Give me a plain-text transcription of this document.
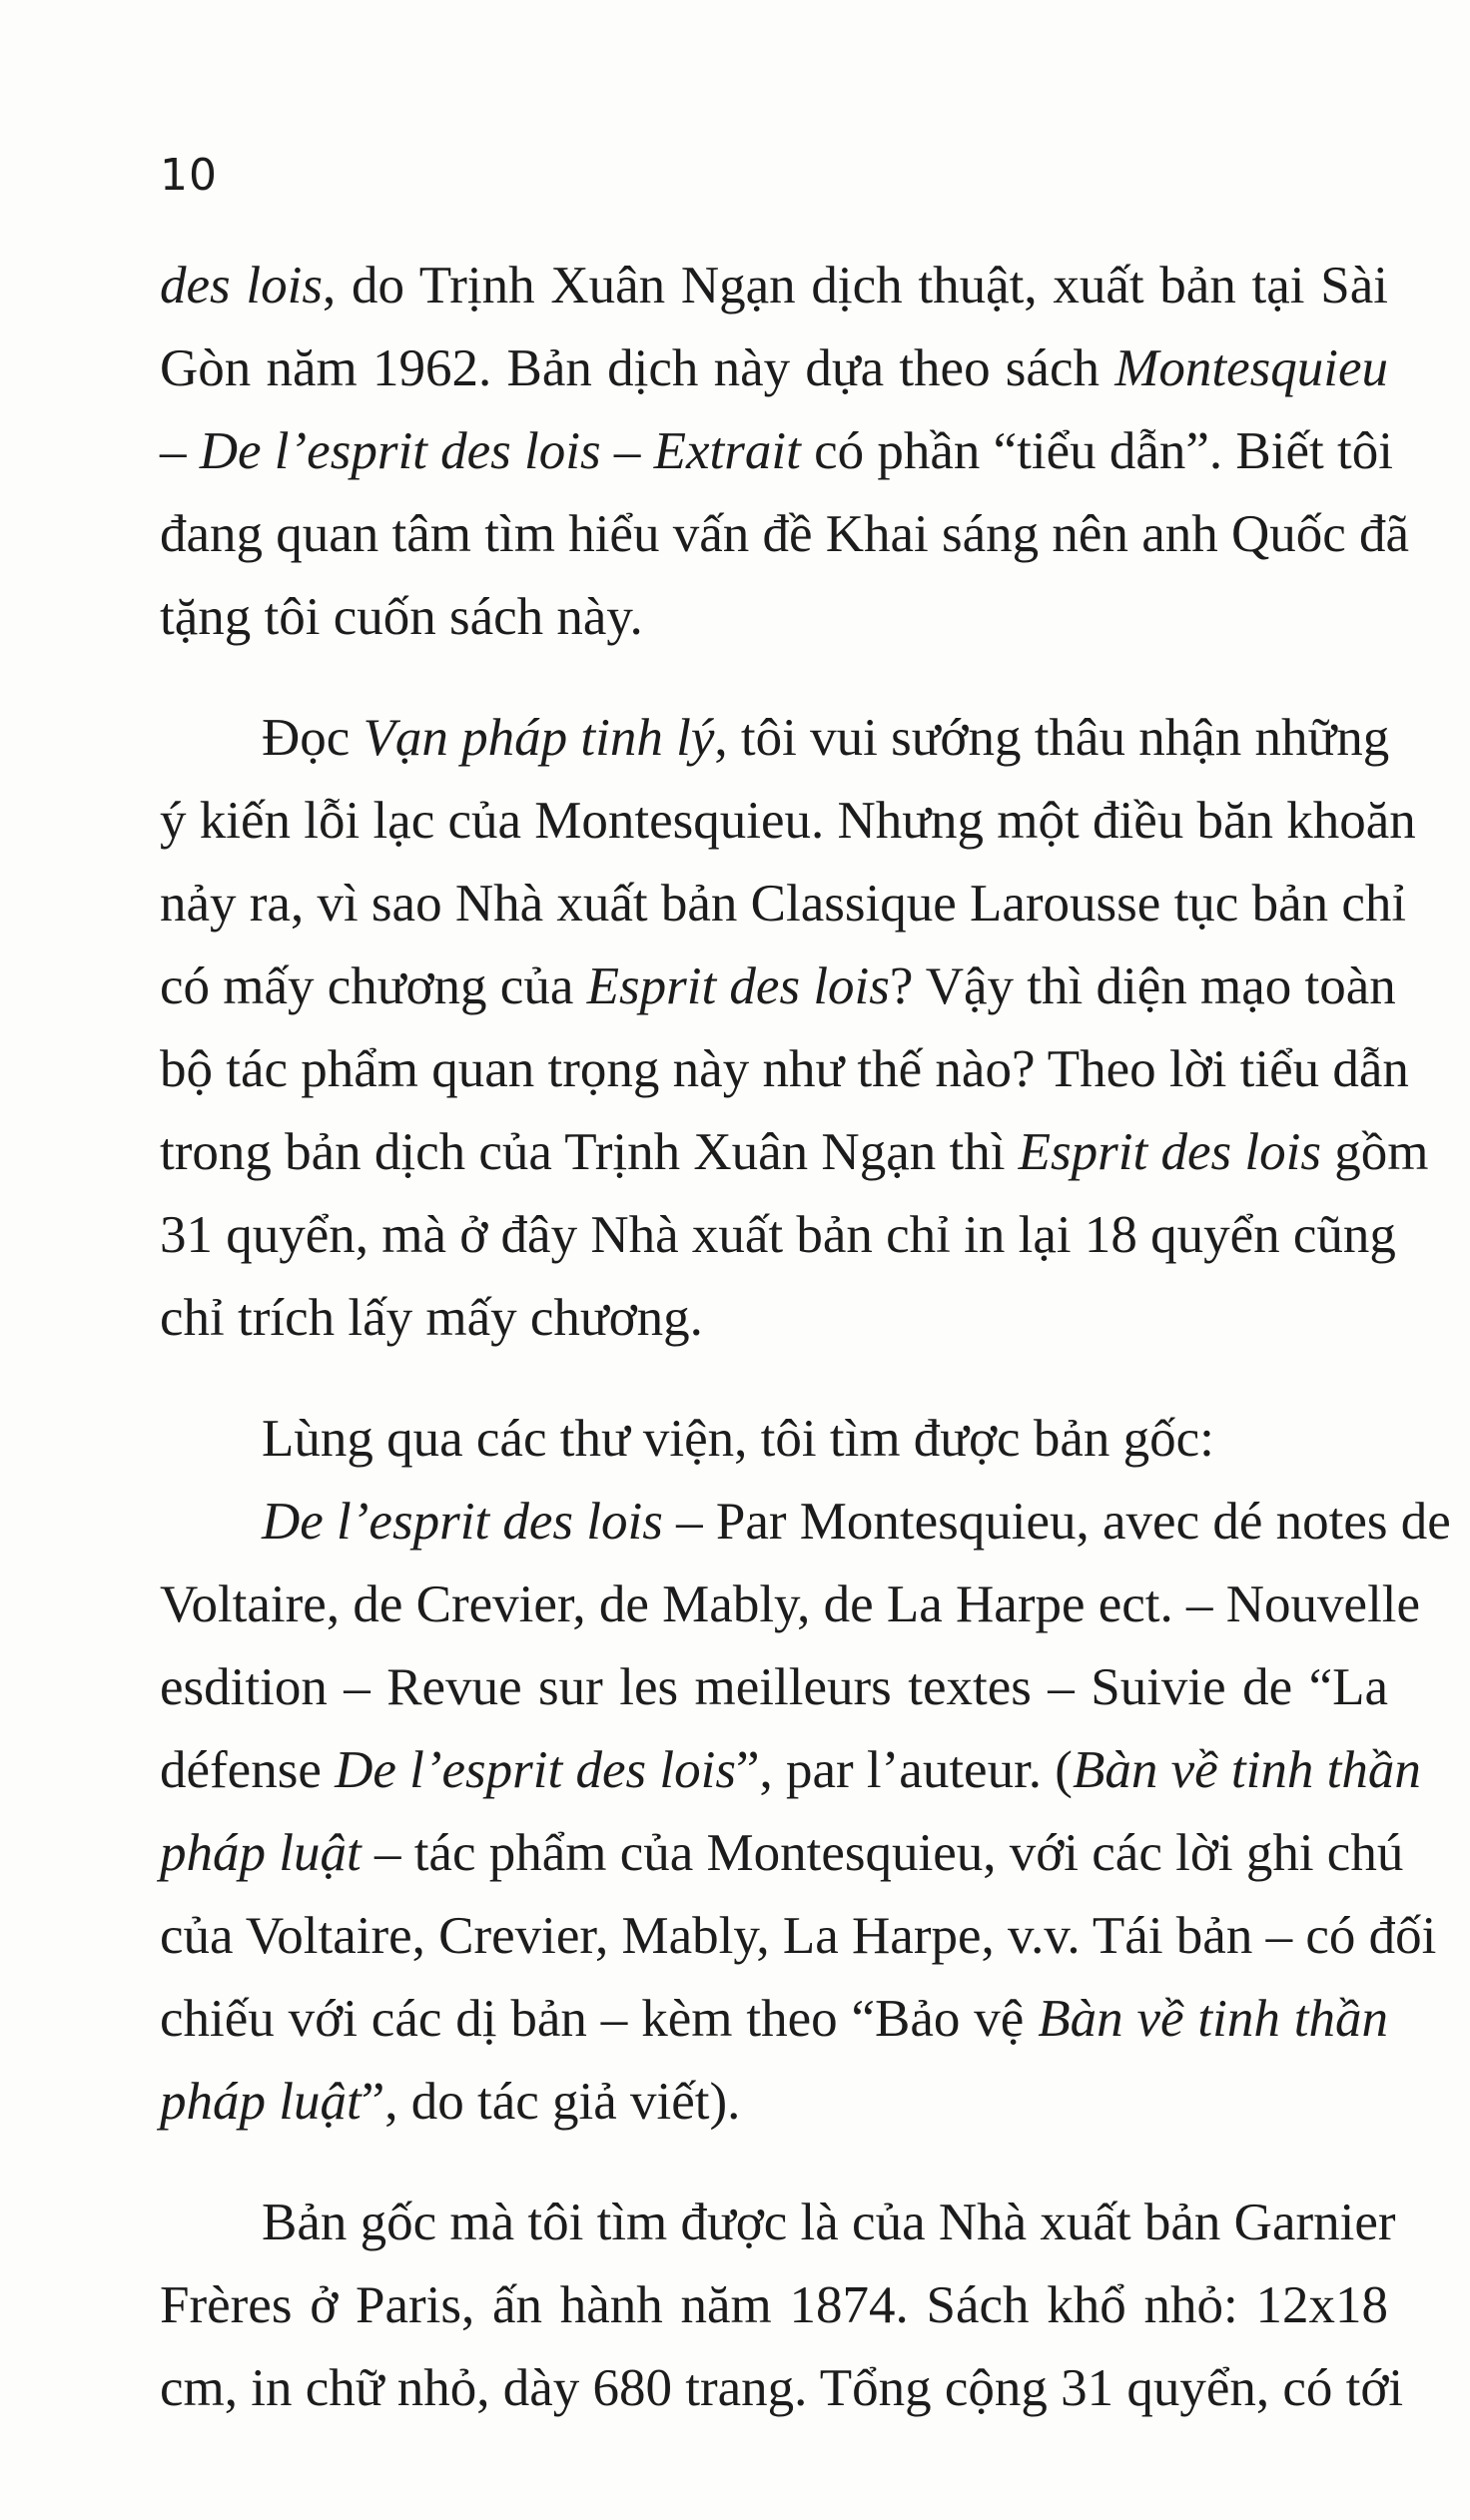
10
des lois, do Trịnh Xuân Ngạn dịch thuật, xuất bản tại Sài
Gòn năm 1962. Bản dịch này dựa theo sách Montesquieu
– De l’esprit des lois – Extrait có phần “tiểu dẫn”. Biết tôi
đang quan tâm tìm hiểu vấn đề Khai sáng nên anh Quốc đã
tặng tôi cuốn sách này.
Đọc Vạn pháp tinh lý, tôi vui sướng thâu nhận những
ý kiến lỗi lạc của Montesquieu. Nhưng một điều băn khoăn
nảy ra, vì sao Nhà xuất bản Classique Larousse tục bản chỉ
có mấy chương của Esprit des lois? Vậy thì diện mạo toàn
bộ tác phẩm quan trọng này như thế nào? Theo lời tiểu dẫn
trong bản dịch của Trịnh Xuân Ngạn thì Esprit des lois gồm
31 quyển, mà ở đây Nhà xuất bản chỉ in lại 18 quyển cũng
chỉ trích lấy mấy chương.
Lùng qua các thư viện, tôi tìm được bản gốc:
De l’esprit des lois – Par Montesquieu, avec dé notes de
Voltaire, de Crevier, de Mably, de La Harpe ect. – Nouvelle
esdition – Revue sur les meilleurs textes – Suivie de “La
défense De l’esprit des lois”, par l’auteur. (Bàn về tinh thần
pháp luật – tác phẩm của Montesquieu, với các lời ghi chú
của Voltaire, Crevier, Mably, La Harpe, v.v. Tái bản – có đối
chiếu với các dị bản – kèm theo “Bảo vệ Bàn về tinh thần
pháp luật”, do tác giả viết).
Bản gốc mà tôi tìm được là của Nhà xuất bản Garnier
Frères ở Paris, ấn hành năm 1874. Sách khổ nhỏ: 12x18
cm, in chữ nhỏ, dày 680 trang. Tổng cộng 31 quyển, có tới
